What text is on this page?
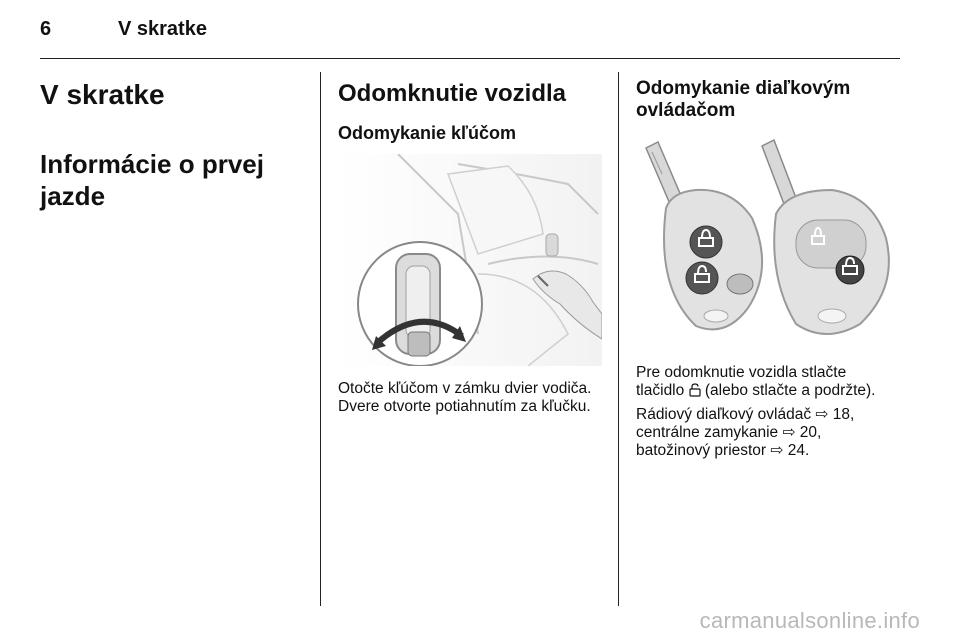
6	V skratke

V skratke

Informácie o prvej jazde

Odomknutie vozidla

Odomykanie kľúčom

Otočte kľúčom v zámku dvier vodiča.

Dvere otvorte potiahnutím za kľučku.

Odomykanie diaľkovým
ovládačom

Pre odomknutie vozidla stlačte
tlačidlo (alebo stlačte a podržte).

Rádiový diaľkový ovládač ⇨ 18,
centrálne zamykanie ⇨ 20,
batožinový priestor ⇨ 24.

carmanualsonline.info
